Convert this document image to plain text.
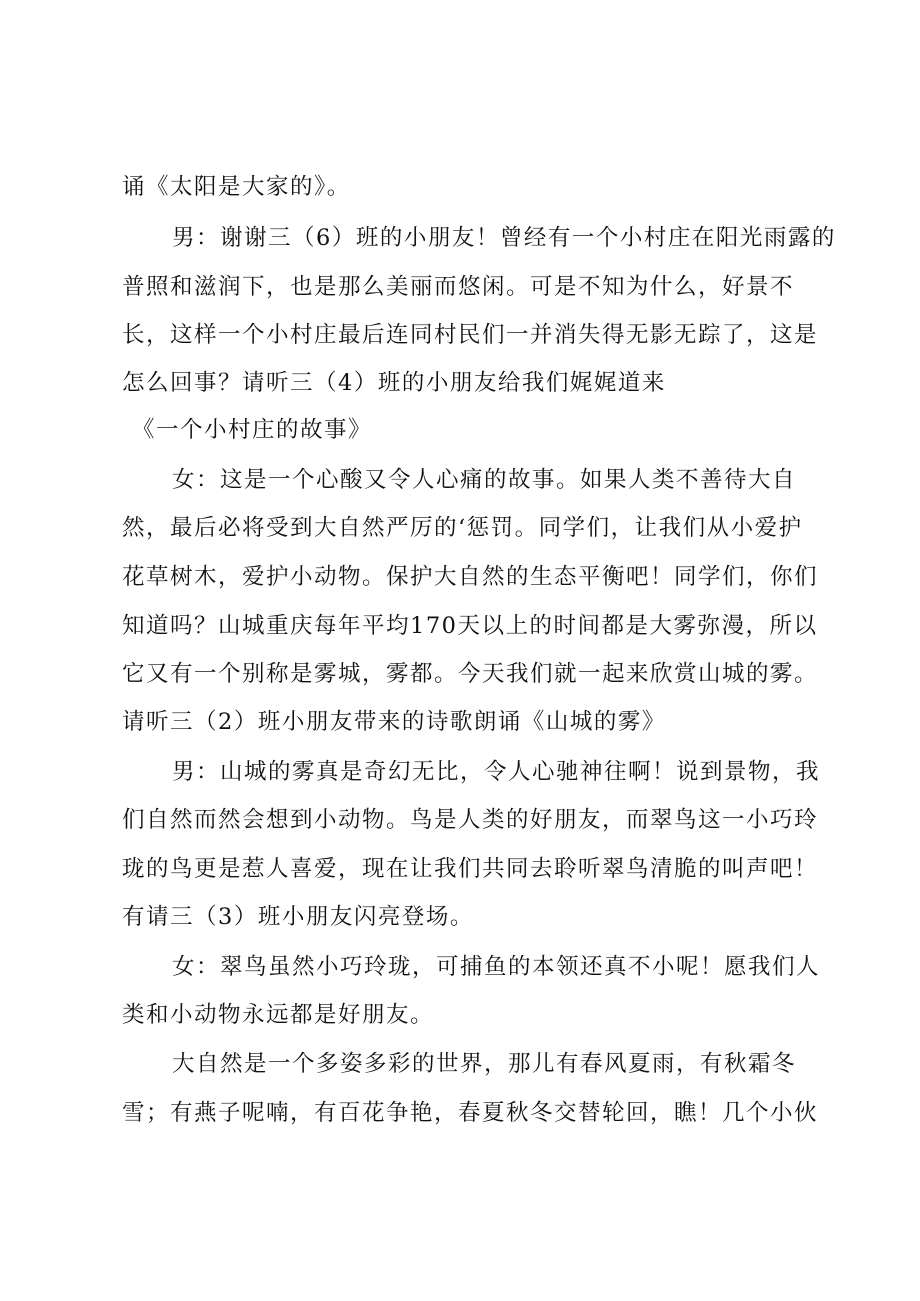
诵《太阳是大家的》。
男：谢谢三（6）班的小朋友！曾经有一个小村庄在阳光雨露的
普照和滋润下，也是那么美丽而悠闲。可是不知为什么，好景不
长，这样一个小村庄最后连同村民们一并消失得无影无踪了，这是
怎么回事？请听三（4）班的小朋友给我们娓娓道来
《一个小村庄的故事》
女：这是一个心酸又令人心痛的故事。如果人类不善待大自
然，最后必将受到大自然严厉的‘惩罚。同学们，让我们从小爱护
花草树木，爱护小动物。保护大自然的生态平衡吧！同学们，你们
知道吗？山城重庆每年平均170天以上的时间都是大雾弥漫，所以
它又有一个别称是雾城，雾都。今天我们就一起来欣赏山城的雾。
请听三（2）班小朋友带来的诗歌朗诵《山城的雾》
男：山城的雾真是奇幻无比，令人心驰神往啊！说到景物，我
们自然而然会想到小动物。鸟是人类的好朋友，而翠鸟这一小巧玲
珑的鸟更是惹人喜爱，现在让我们共同去聆听翠鸟清脆的叫声吧！
有请三（3）班小朋友闪亮登场。
女：翠鸟虽然小巧玲珑，可捕鱼的本领还真不小呢！愿我们人
类和小动物永远都是好朋友。
大自然是一个多姿多彩的世界，那儿有春风夏雨，有秋霜冬
雪；有燕子呢喃，有百花争艳，春夏秋冬交替轮回，瞧！几个小伙
